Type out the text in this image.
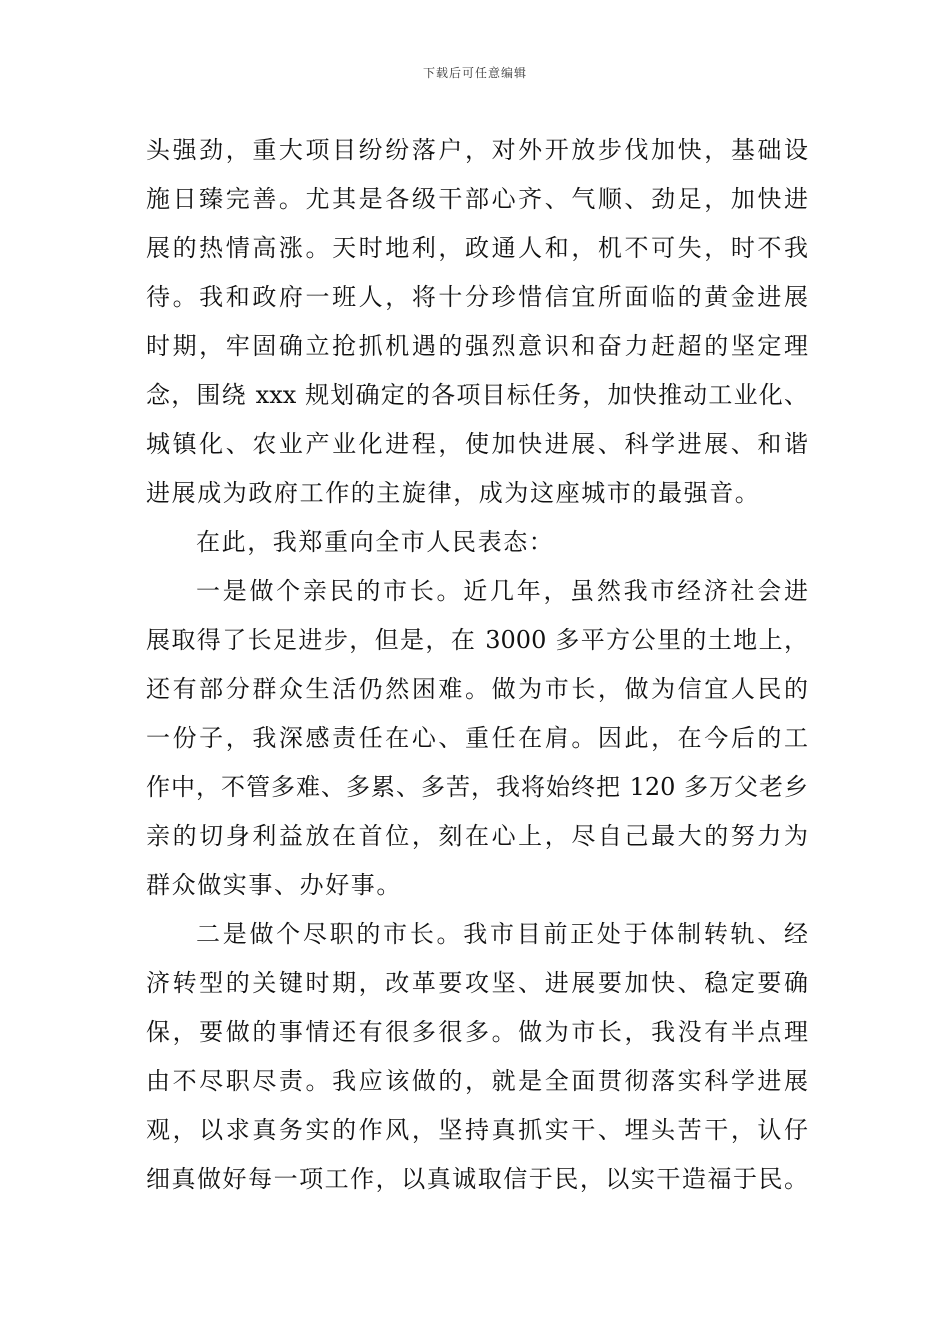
下载后可任意编辑
头强劲，重大项目纷纷落户，对外开放步伐加快，基础设
施日臻完善。尤其是各级干部心齐、气顺、劲足，加快进
展的热情高涨。天时地利，政通人和，机不可失，时不我
待。我和政府一班人，将十分珍惜信宜所面临的黄金进展
时期，牢固确立抢抓机遇的强烈意识和奋力赶超的坚定理
念，围绕 xxx 规划确定的各项目标任务，加快推动工业化、
城镇化、农业产业化进程，使加快进展、科学进展、和谐
进展成为政府工作的主旋律，成为这座城市的最强音。
在此，我郑重向全市人民表态：
一是做个亲民的市长。近几年，虽然我市经济社会进
展取得了长足进步，但是，在 3000 多平方公里的土地上，
还有部分群众生活仍然困难。做为市长，做为信宜人民的
一份子，我深感责任在心、重任在肩。因此，在今后的工
作中，不管多难、多累、多苦，我将始终把 120 多万父老乡
亲的切身利益放在首位，刻在心上，尽自己最大的努力为
群众做实事、办好事。
二是做个尽职的市长。我市目前正处于体制转轨、经
济转型的关键时期，改革要攻坚、进展要加快、稳定要确
保，要做的事情还有很多很多。做为市长，我没有半点理
由不尽职尽责。我应该做的，就是全面贯彻落实科学进展
观，以求真务实的作风，坚持真抓实干、埋头苦干，认仔
细真做好每一项工作，以真诚取信于民，以实干造福于民。
